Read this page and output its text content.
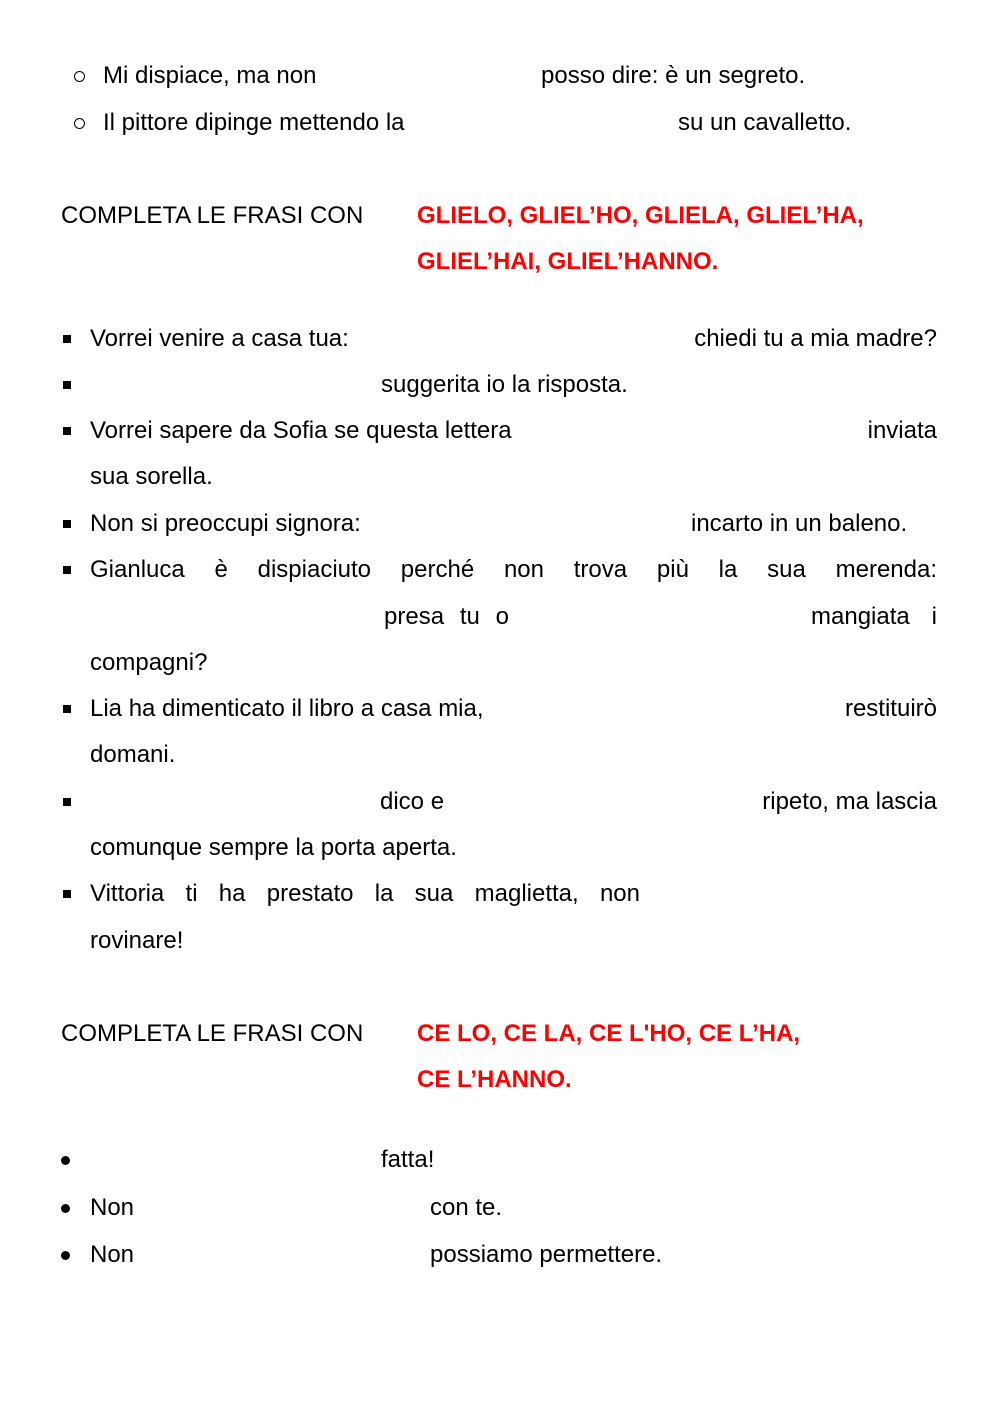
Mi dispiace, ma non	posso dire: è un segreto.
Il pittore dipinge mettendo la	su un cavalletto.
COMPLETA LE FRASI CON GLIELO, GLIEL’HO, GLIELA, GLIEL’HA,
GLIEL’HAI, GLIEL’HANNO.
Vorrei venire a casa tua:	chiedi tu a mia madre?
suggerita io la risposta.
Vorrei sapere da Sofia se questa lettera	inviata
sua sorella.
Non si preoccupi signora:	incarto in un baleno.
Gianluca è dispiaciuto perché non trova più la sua merenda:
presa tu o	mangiata i
compagni?
Lia ha dimenticato il libro a casa mia,	restituirò
domani.
dico e	ripeto, ma lascia
comunque sempre la porta aperta.
Vittoria ti ha prestato la sua maglietta, non
rovinare!
COMPLETA LE FRASI CON CE LO, CE LA, CE L'HO, CE L’HA,
CE L’HANNO.
fatta!
Non	con te.
Non	possiamo permettere.
